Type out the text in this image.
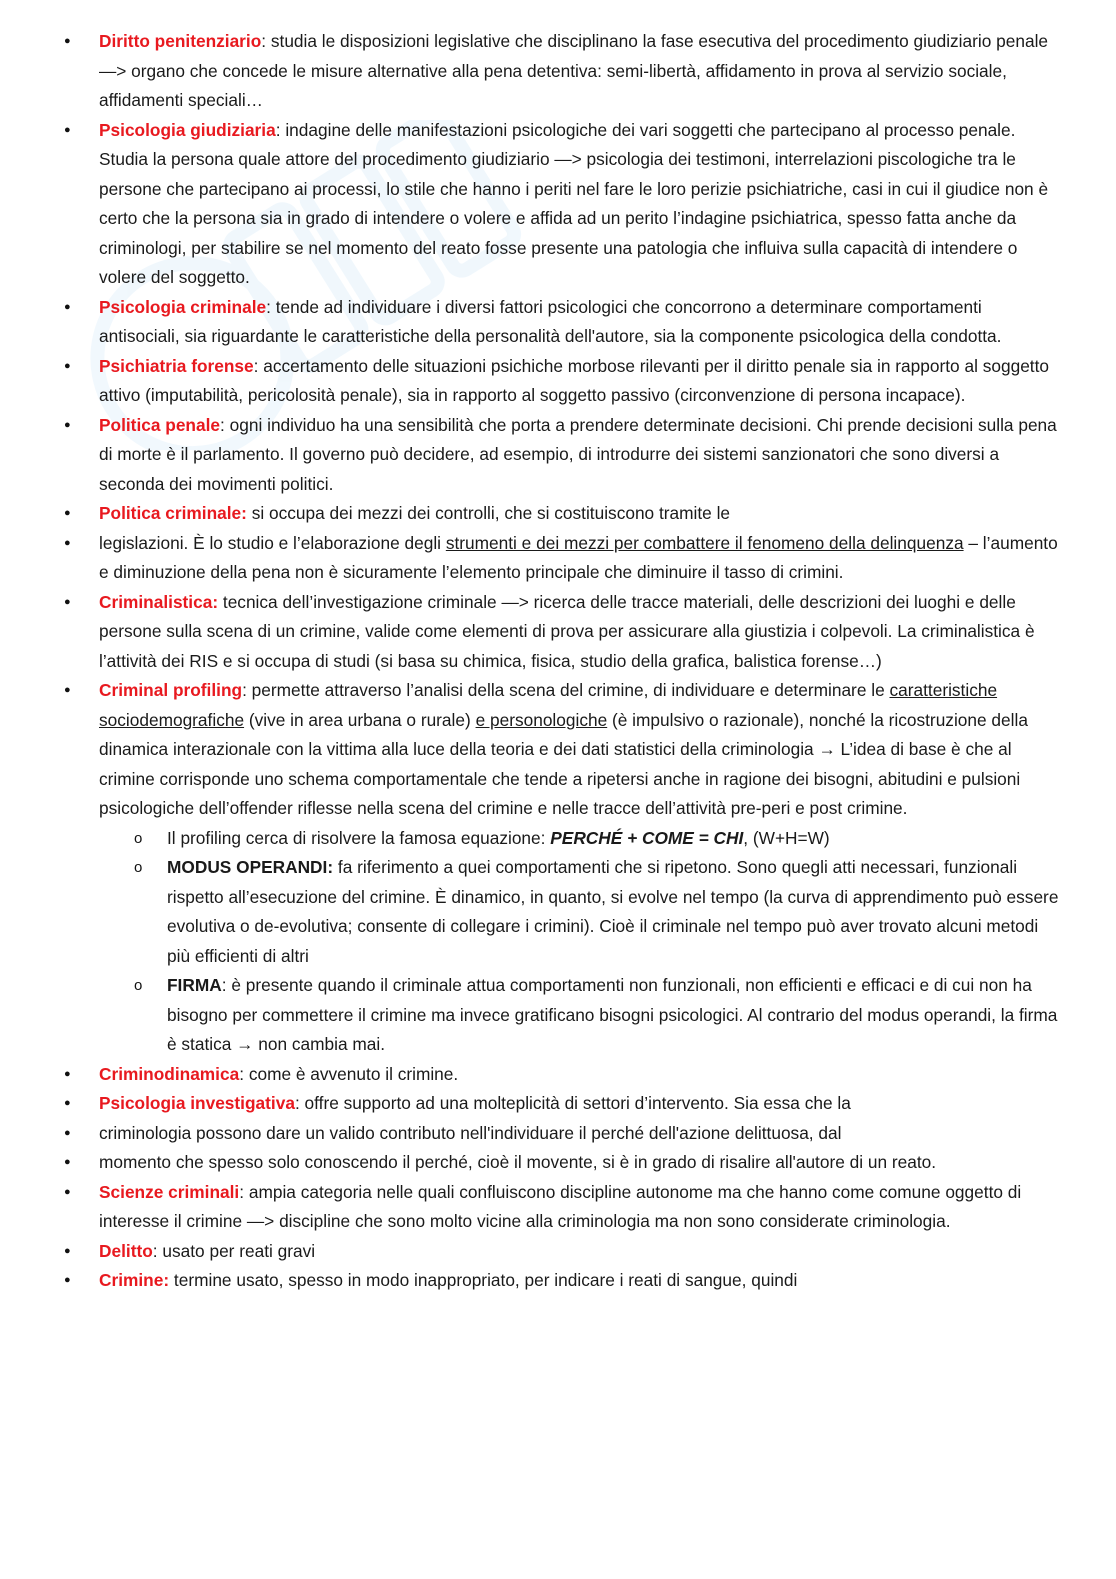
● Diritto penitenziario: studia le disposizioni legislative che disciplinano la fase esecutiva del procedimento giudiziario penale —> organo che concede le misure alternative alla pena detentiva: semi-libertà, affidamento in prova al servizio sociale, affidamenti speciali…
● Psicologia giudiziaria: indagine delle manifestazioni psicologiche dei vari soggetti che partecipano al processo penale. Studia la persona quale attore del procedimento giudiziario —> psicologia dei testimoni, interrelazioni piscologiche tra le persone che partecipano ai processi, lo stile che hanno i periti nel fare le loro perizie psichiatriche, casi in cui il giudice non è certo che la persona sia in grado di intendere o volere e affida ad un perito l’indagine psichiatrica, spesso fatta anche da criminologi, per stabilire se nel momento del reato fosse presente una patologia che influiva sulla capacità di intendere o volere del soggetto.
● Psicologia criminale: tende ad individuare i diversi fattori psicologici che concorrono a determinare comportamenti antisociali, sia riguardante le caratteristiche della personalità dell'autore, sia la componente psicologica della condotta.
● Psichiatria forense: accertamento delle situazioni psichiche morbose rilevanti per il diritto penale sia in rapporto al soggetto attivo (imputabilità, pericolosità penale), sia in rapporto al soggetto passivo (circonvenzione di persona incapace).
● Politica penale: ogni individuo ha una sensibilità che porta a prendere determinate decisioni. Chi prende decisioni sulla pena di morte è il parlamento. Il governo può decidere, ad esempio, di introdurre dei sistemi sanzionatori che sono diversi a seconda dei movimenti politici.
● Politica criminale: si occupa dei mezzi dei controlli, che si costituiscono tramite le
● legislazioni. È lo studio e l’elaborazione degli strumenti e dei mezzi per combattere il fenomeno della delinquenza – l’aumento e diminuzione della pena non è sicuramente l’elemento principale che diminuire il tasso di crimini.
● Criminalistica: tecnica dell’investigazione criminale —> ricerca delle tracce materiali, delle descrizioni dei luoghi e delle persone sulla scena di un crimine, valide come elementi di prova per assicurare alla giustizia i colpevoli. La criminalistica è l’attività dei RIS e si occupa di studi (si basa su chimica, fisica, studio della grafica, balistica forense…)
● Criminal profiling: permette attraverso l’analisi della scena del crimine, di individuare e determinare le caratteristiche sociodemografiche (vive in area urbana o rurale) e personologiche (è impulsivo o razionale), nonché la ricostruzione della dinamica interazionale con la vittima alla luce della teoria e dei dati statistici della criminologia → L’idea di base è che al crimine corrisponde uno schema comportamentale che tende a ripetersi anche in ragione dei bisogni, abitudini e pulsioni psicologiche dell’offender riflesse nella scena del crimine e nelle tracce dell’attività pre-peri e post crimine.
o Il profiling cerca di risolvere la famosa equazione: PERCHÉ + COME = CHI, (W+H=W)
o MODUS OPERANDI: fa riferimento a quei comportamenti che si ripetono. Sono quegli atti necessari, funzionali rispetto all’esecuzione del crimine. È dinamico, in quanto, si evolve nel tempo (la curva di apprendimento può essere evolutiva o de-evolutiva; consente di collegare i crimini). Cioè il criminale nel tempo può aver trovato alcuni metodi più efficienti di altri
o FIRMA: è presente quando il criminale attua comportamenti non funzionali, non efficienti e efficaci e di cui non ha bisogno per commettere il crimine ma invece gratificano bisogni psicologici. Al contrario del modus operandi, la firma è statica → non cambia mai.
● Criminodinamica: come è avvenuto il crimine.
● Psicologia investigativa: offre supporto ad una molteplicità di settori d’intervento. Sia essa che la
● criminologia possono dare un valido contributo nell'individuare il perché dell'azione delittuosa, dal
● momento che spesso solo conoscendo il perché, cioè il movente, si è in grado di risalire all'autore di un reato.
● Scienze criminali: ampia categoria nelle quali confluiscono discipline autonome ma che hanno come comune oggetto di interesse il crimine —> discipline che sono molto vicine alla criminologia ma non sono considerate criminologia.
● Delitto: usato per reati gravi
● Crimine: termine usato, spesso in modo inappropriato, per indicare i reati di sangue, quindi
